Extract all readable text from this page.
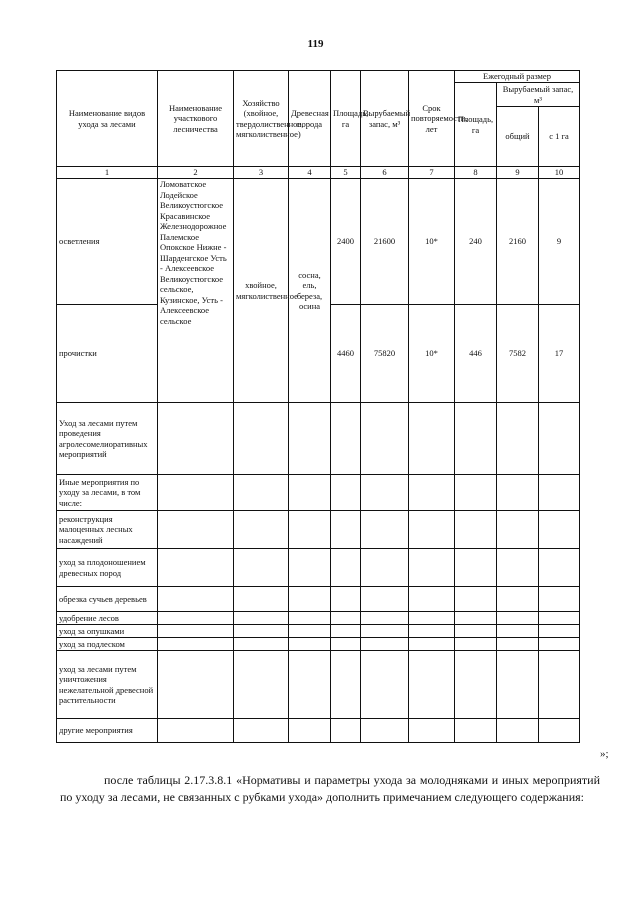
119
Наименование видов ухода за лесами	Наименование участкового лесничества	Хозяйство (хвойное, твердолиственное, мягколиственное)	Древесная порода	Площадь, га	Вырубаемый запас, м³	Срок повторяемости, лет	Ежегодный размер		
							Площадь, га	Вырубаемый запас, м³	
								общий	с 1 га
1	2	3	4	5	6	7	8	9	10
осветления	Ломоватское Лодейское Великоустюгское Красавинское Железнодорожное Палемское Опокское Нижне - Шарденгское Усть - Алексеевское Великоустюгское сельское, Кузинское, Усть - Алексеевское сельское	хвойное, мягколиственное	сосна, ель, береза, осина	2400	21600	10*	240	2160	9
прочистки				4460	75820	10*	446	7582	17
Уход за лесами путем проведения агролесомелиоративных мероприятий									
Иные мероприятия по уходу за лесами, в том числе:									
реконструкция малоценных лесных насаждений									
уход за плодоношением древесных пород									
обрезка сучьев деревьев									
удобрение лесов									
уход за опушками									
уход за подлеском									
уход за лесами путем уничтожения нежелательной древесной растительности									
другие мероприятия									
»;
после таблицы 2.17.3.8.1 «Нормативы и параметры ухода за молодняками и иных мероприятий по уходу за лесами, не связанных с рубками ухода» дополнить примечанием следующего содержания:
